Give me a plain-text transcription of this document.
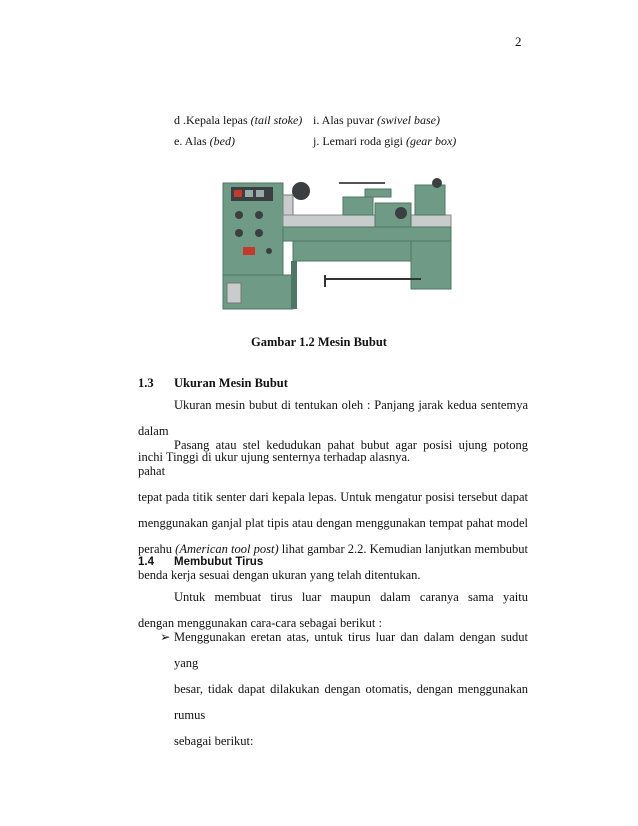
2
d .Kepala lepas (tail stoke) i. Alas puvar (swivel base)
e. Alas (bed)	j. Lemari roda gigi (gear box)
Gambar 1.2 Mesin Bubut
1.3 Ukuran Mesin Bubut
Ukuran mesin bubut di tentukan oleh : Panjang jarak kedua sentemya dalam
inchi Tinggi di ukur ujung senternya terhadap alasnya.
Pasang atau stel kedudukan pahat bubut agar posisi ujung potong pahat
tepat pada titik senter dari kepala lepas. Untuk mengatur posisi tersebut dapat
menggunakan ganjal plat tipis atau dengan menggunakan tempat pahat model
perahu (American tool post) lihat gambar 2.2. Kemudian lanjutkan membubut
benda kerja sesuai dengan ukuran yang telah ditentukan.
1.4 Membubut Tirus
Untuk membuat tirus luar maupun dalam caranya sama yaitu
dengan menggunakan cara-cara sebagai berikut :
➢ Menggunakan eretan atas, untuk tirus luar dan dalam dengan sudut yang
besar, tidak dapat dilakukan dengan otomatis, dengan menggunakan rumus
sebagai berikut:
